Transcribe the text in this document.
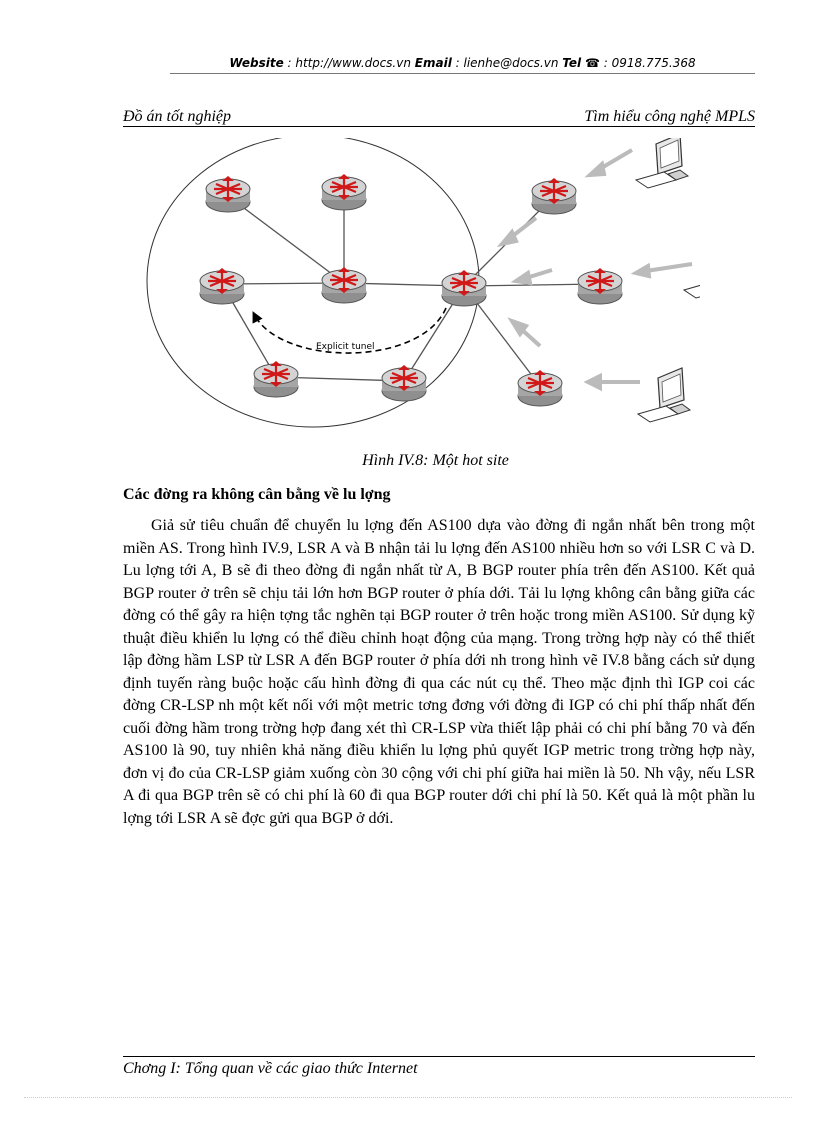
Website : http://www.docs.vn Email : lienhe@docs.vn Tel ☎ : 0918.775.368
Đồ án tốt nghiệp	Tìm hiểu công nghệ MPLS
Explicit tunel
Hình IV.8: Một hot site
Các đờng ra không cân bằng về lu lợng

Giả sử tiêu chuẩn để chuyển lu lợng đến AS100 dựa vào đờng đi ngắn nhất bên trong một miền AS. Trong hình IV.9, LSR A và B nhận tải lu lợng đến AS100 nhiều hơn so với LSR C và D. Lu lợng tới A, B sẽ đi theo đờng đi ngắn nhất từ A, B BGP router phía trên đến AS100. Kết quả BGP router ở trên sẽ chịu tải lớn hơn BGP router ở phía dới. Tải lu lợng không cân bằng giữa các đờng có thể gây ra hiện tợng tắc nghẽn tại BGP router ở trên hoặc trong miền AS100. Sử dụng kỹ thuật điều khiển lu lợng có thể điều chỉnh hoạt động của mạng. Trong trờng hợp này có thể thiết lập đờng hầm LSP từ LSR A đến BGP router ở phía dới nh trong hình vẽ IV.8 bằng cách sử dụng định tuyến ràng buộc hoặc cấu hình đờng đi qua các nút cụ thể. Theo mặc định thì IGP coi các đờng CR-LSP nh một kết nối với một metric tơng đơng với đờng đi IGP có chi phí thấp nhất đến cuối đờng hầm trong trờng hợp đang xét thì CR-LSP vừa thiết lập phải có chi phí bằng 70 và đến AS100 là 90, tuy nhiên khả năng điều khiển lu lợng phủ quyết IGP metric trong trờng hợp này, đơn vị đo của CR-LSP giảm xuống còn 30 cộng với chi phí giữa hai miền là 50. Nh vậy, nếu LSR A đi qua BGP trên sẽ có chi phí là 60 đi qua BGP router dới chi phí là 50. Kết quả là một phần lu lợng tới LSR A sẽ đợc gửi qua BGP ở dới.

Chơng I: Tổng quan về các giao thức Internet
